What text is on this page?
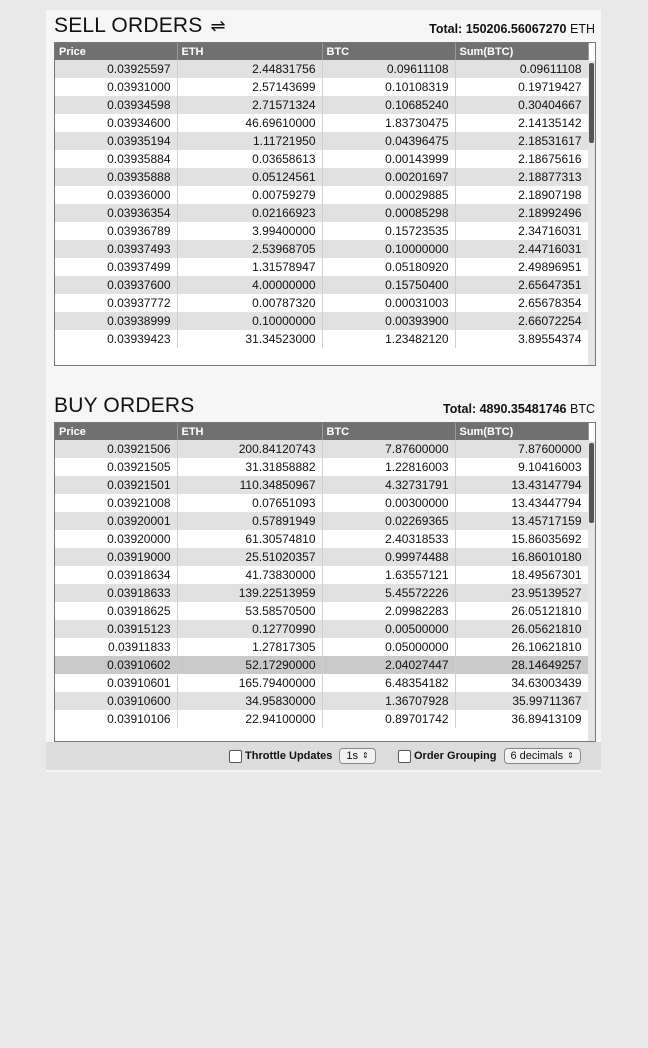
SELL ORDERS ⇌	Total: 150206.56067270 ETH
Price	ETH	BTC	Sum(BTC)
0.03925597	2.44831756	0.09611108	0.09611108
0.03931000	2.57143699	0.10108319	0.19719427
0.03934598	2.71571324	0.10685240	0.30404667
0.03934600	46.69610000	1.83730475	2.14135142
0.03935194	1.11721950	0.04396475	2.18531617
0.03935884	0.03658613	0.00143999	2.18675616
0.03935888	0.05124561	0.00201697	2.18877313
0.03936000	0.00759279	0.00029885	2.18907198
0.03936354	0.02166923	0.00085298	2.18992496
0.03936789	3.99400000	0.15723535	2.34716031
0.03937493	2.53968705	0.10000000	2.44716031
0.03937499	1.31578947	0.05180920	2.49896951
0.03937600	4.00000000	0.15750400	2.65647351
0.03937772	0.00787320	0.00031003	2.65678354
0.03938999	0.10000000	0.00393900	2.66072254
0.03939423	31.34523000	1.23482120	3.89554374
BUY ORDERS	Total: 4890.35481746 BTC
Price	ETH	BTC	Sum(BTC)
0.03921506	200.84120743	7.87600000	7.87600000
0.03921505	31.31858882	1.22816003	9.10416003
0.03921501	110.34850967	4.32731791	13.43147794
0.03921008	0.07651093	0.00300000	13.43447794
0.03920001	0.57891949	0.02269365	13.45717159
0.03920000	61.30574810	2.40318533	15.86035692
0.03919000	25.51020357	0.99974488	16.86010180
0.03918634	41.73830000	1.63557121	18.49567301
0.03918633	139.22513959	5.45572226	23.95139527
0.03918625	53.58570500	2.09982283	26.05121810
0.03915123	0.12770990	0.00500000	26.05621810
0.03911833	1.27817305	0.05000000	26.10621810
0.03910602	52.17290000	2.04027447	28.14649257
0.03910601	165.79400000	6.48354182	34.63003439
0.03910600	34.95830000	1.36707928	35.99711367
0.03910106	22.94100000	0.89701742	36.89413109
Throttle Updates 1s ⇕	Order Grouping 6 decimals ⇕
